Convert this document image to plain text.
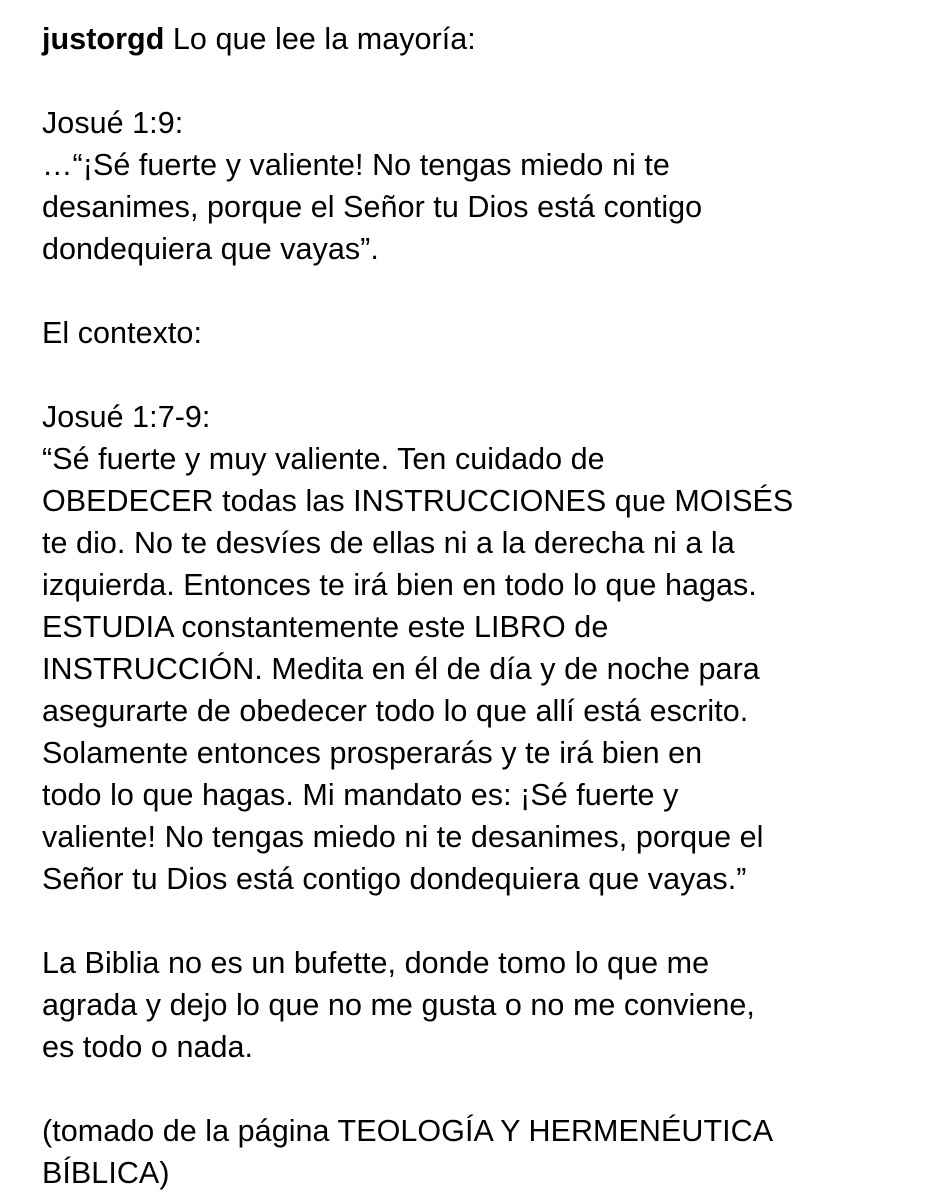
justorgd Lo que lee la mayoría:

Josué 1:9:

…“¡Sé fuerte y valiente! No tengas miedo ni te
desanimes, porque el Señor tu Dios está contigo
dondequiera que vayas”.

El contexto:

Josué 1:7-9:

“Sé fuerte y muy valiente. Ten cuidado de
OBEDECER todas las INSTRUCCIONES que MOISÉS
te dio. No te desvíes de ellas ni a la derecha ni a la
izquierda. Entonces te irá bien en todo lo que hagas.
ESTUDIA constantemente este LIBRO de
INSTRUCCIÓN. Medita en él de día y de noche para
asegurarte de obedecer todo lo que allí está escrito.
Solamente entonces prosperarás y te irá bien en
todo lo que hagas. Mi mandato es: ¡Sé fuerte y
valiente! No tengas miedo ni te desanimes, porque el
Señor tu Dios está contigo dondequiera que vayas.”

La Biblia no es un bufette, donde tomo lo que me
agrada y dejo lo que no me gusta o no me conviene,
es todo o nada.

(tomado de la página TEOLOGÍA Y HERMENÉUTICA
BÍBLICA)
